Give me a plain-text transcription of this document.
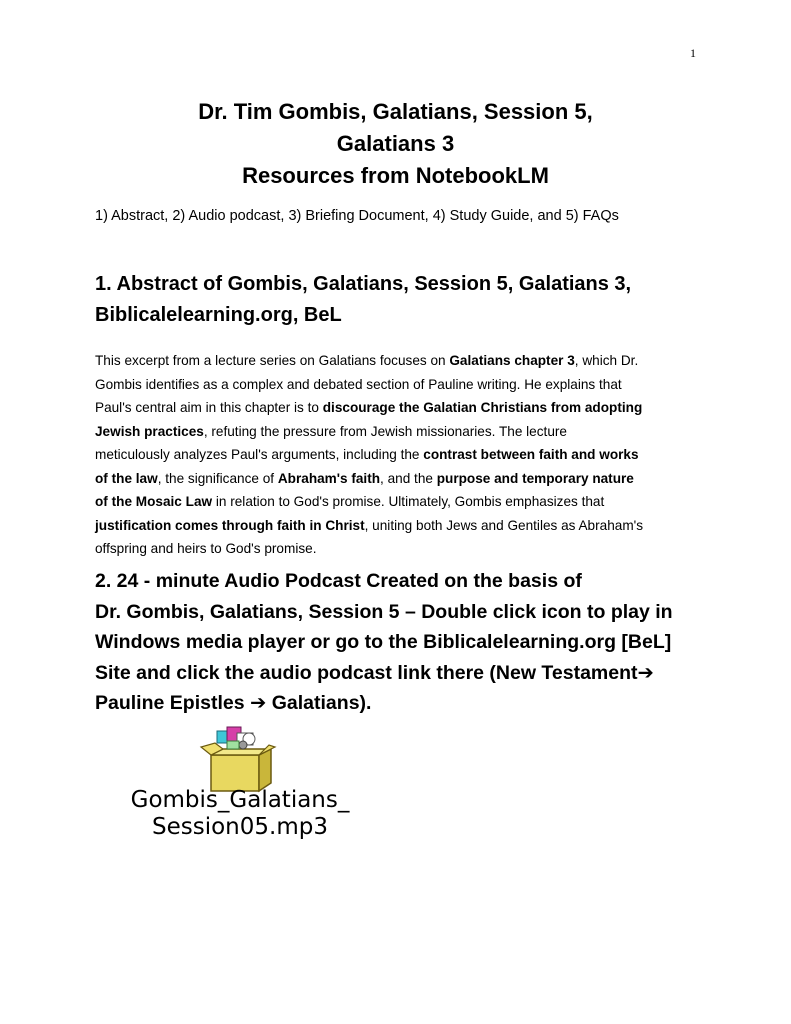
1
Dr. Tim Gombis, Galatians, Session 5,
Galatians 3
Resources from NotebookLM
1) Abstract, 2) Audio podcast, 3) Briefing Document, 4) Study Guide, and 5) FAQs
1. Abstract of Gombis, Galatians, Session 5, Galatians 3,
Biblicalelearning.org, BeL
This excerpt from a lecture series on Galatians focuses on Galatians chapter 3, which Dr.
Gombis identifies as a complex and debated section of Pauline writing. He explains that
Paul's central aim in this chapter is to discourage the Galatian Christians from adopting
Jewish practices, refuting the pressure from Jewish missionaries. The lecture
meticulously analyzes Paul's arguments, including the contrast between faith and works
of the law, the significance of Abraham's faith, and the purpose and temporary nature
of the Mosaic Law in relation to God's promise. Ultimately, Gombis emphasizes that
justification comes through faith in Christ, uniting both Jews and Gentiles as Abraham's
offspring and heirs to God's promise.
2. 24 - minute Audio Podcast Created on the basis of
Dr. Gombis, Galatians, Session 5 – Double click icon to play in
Windows media player or go to the Biblicalelearning.org [BeL]
Site and click the audio podcast link there (New Testament➔
Pauline Epistles ➔ Galatians).
Gombis_Galatians_
Session05.mp3
